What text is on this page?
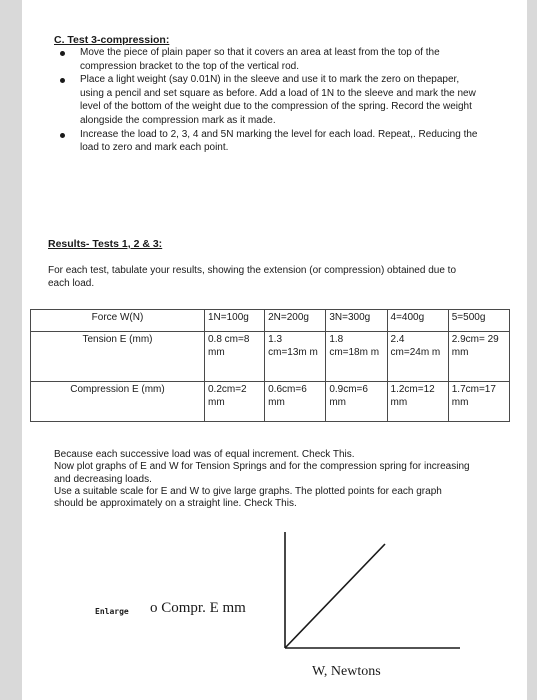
C. Test 3-compression:
Move the piece of plain paper so that it covers an area at least from the top of the compression bracket to the top of the vertical rod.
Place a light weight (say 0.01N) in the sleeve and use it to mark the zero on thepaper, using a pencil and set square as before. Add a load of 1N to the sleeve and mark the new level of the bottom of the weight due to the compression of the spring. Record the weight alongside the compression mark as it made.
Increase the load to 2, 3, 4 and 5N marking the level for each load. Repeat,. Reducing the load to zero and mark each point.
Results- Tests 1, 2 & 3:
For each test, tabulate your results, showing the extension (or compression) obtained due to each load.
Force W(N)	1N=100g	2N=200g	3N=300g	4=400g	5=500g
Tension E (mm)	0.8 cm=8 mm	1.3 cm=13m m	1.8 cm=18m m	2.4 cm=24m m	2.9cm= 29 mm
Compression E (mm)	0.2cm=2 mm	0.6cm=6 mm	0.9cm=6 mm	1.2cm=12 mm	1.7cm=17 mm
Because each successive load was of equal increment. Check This.
Now plot graphs of E and W for Tension Springs and for the compression spring for increasing and decreasing loads.
Use a suitable scale for E and W to give large graphs. The plotted points for each graph should be approximately on a straight line. Check This.
Enlarge o Compr. E mm
W, Newtons
